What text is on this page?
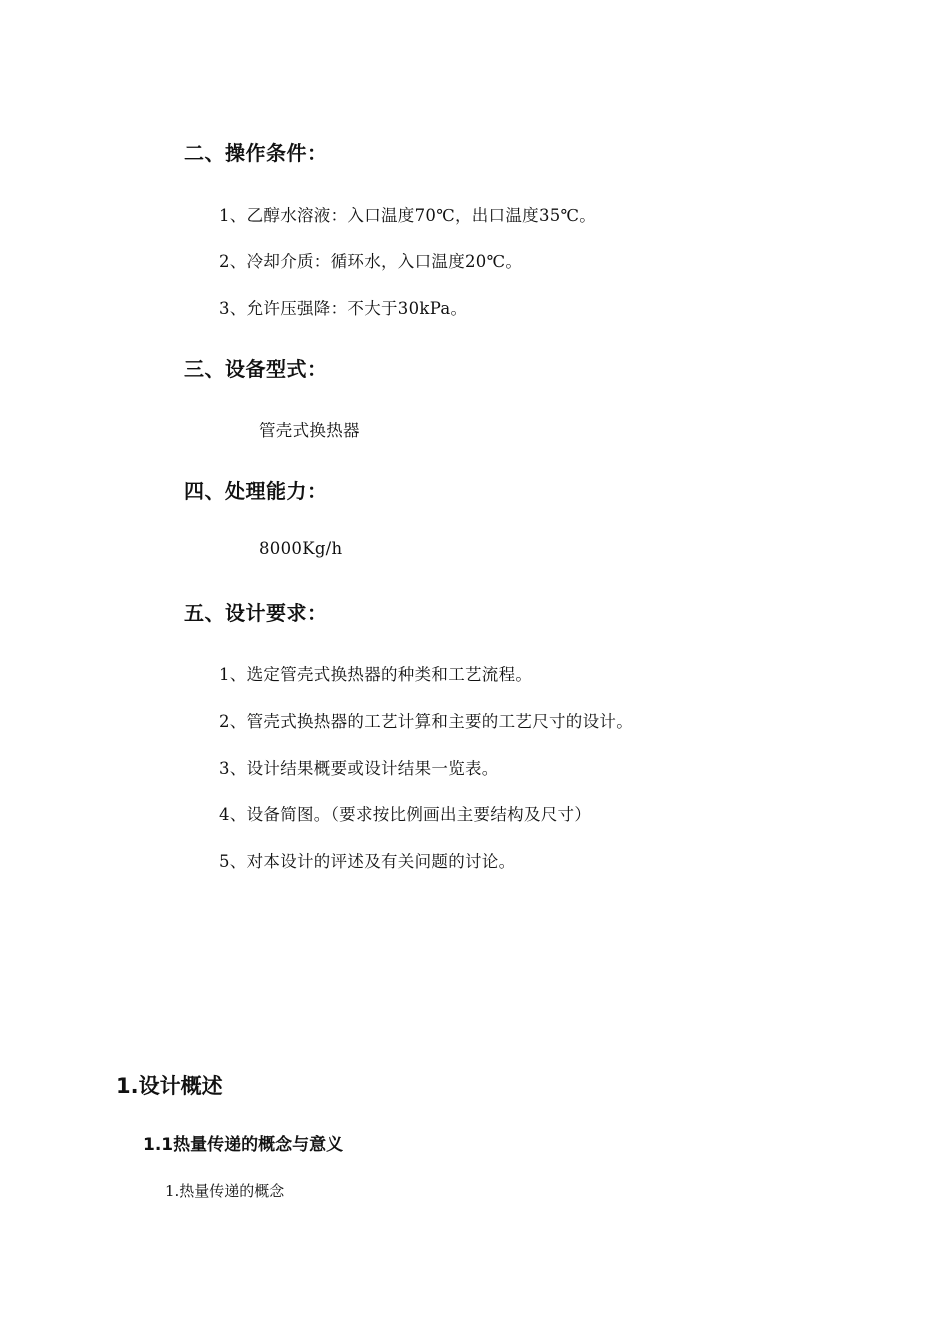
二、操作条件：
1、乙醇水溶液：入口温度70℃，出口温度35℃。
2、冷却介质：循环水，入口温度20℃。
3、允许压强降：不大于30kPa。
三、设备型式：
管壳式换热器
四、处理能力：
8000Kg/h
五、设计要求：
1、选定管壳式换热器的种类和工艺流程。
2、管壳式换热器的工艺计算和主要的工艺尺寸的设计。
3、设计结果概要或设计结果一览表。
4、设备简图。（要求按比例画出主要结构及尺寸）
5、对本设计的评述及有关问题的讨论。
1.设计概述
1.1热量传递的概念与意义
1.热量传递的概念
